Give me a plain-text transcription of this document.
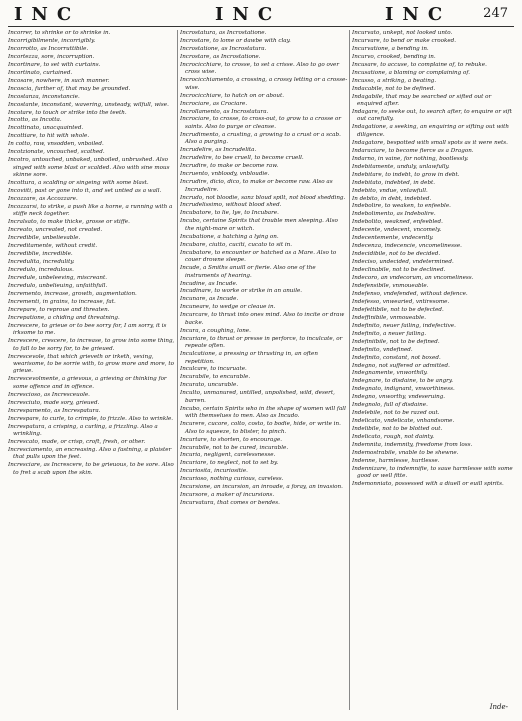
INC	INC	INC 247
Incorrer, to shrinke or to shrinke in.
Incorrigibilmente, incorrigibly.
Incorrotto, as Incorruttibile.
Incortezza, sore, incorruption.
Incortinare, to set with curtains.
Incortinato, curtained.
Incosare, nowhere, in such manner.
Incoscia, further of, that may be grounded.
Incostanza, inconstancie.
Incostante, inconstant, wavering, unsteady, wilfull, wise.
Incotare, to touch or strike into the teeth.
Incotto, as Incotta.
Incottinato, unacquainted.
Incottiare, to hit with whole.
In cotto, raw, vnsodden, vnboiled.
Incotzionate, vncouched, scathed.
Incotro, untouched, unbaked, unboiled, unbrushed. Also singed with some blast or scalded. Also with sine mous skinne sore.
Incottura, a scalding or singeing with some blast.
Incoviiti, past or gone into it, and set untied as a wall.
Incozzare, as Accozzare.
Incozzarsi, to strike, a push like a horne, a running with a stiffe neck together.
Incralsato, to make thicke, grosse or stiffe.
Increato, uncreated, not created.
Incredibile, unbelievable.
Increditamente, without credit.
Incrediblie, incredible.
Incredulita, incredulity.
Incredulo, incredulous.
Incredule, unbeleeving, miscreant.
Incredulo, unbelieuing, unfaithfull.
Incremento, increase, growth, augmentation.
Incrementi, in grains, to increase, fat.
Increpare, to reproue and threaten.
Increpatione, a chiding and threatning.
Increscere, to grieue or to bee sorry for, I am sorry, it is irksome to me.
Increscere, crescere, to increase, to grow into some thing, to fall to be sorry for, to be grieued.
Increscevole, that which grieveth or irketh, vexing, wearisome, to be sorrie with, to grow more and more, to grieue.
Increscevolmente, a grievous, a grieving or thinking for some offence and in offence.
Increscioso, as Incresceuole.
Incresciuto, made sory, grieued.
Increspamento, as Increspatura.
Increspare, to curle, to crimple, to frizzle. Also to wrinkle.
Increspatura, a crisping, a curling, a frizzling. Also a wrinkling.
Increscato, made, or crisp, croft, fresh, or other.
Incresciamento, an encreasing. Also a fastning, a plaister that pulls upon the feet.
Incresciare, as Increscere, to be grieuous, to be sore. Also to fret a scab upon the skin.
Incrostatura, as Incrostatione.
Incrostare, to lome or dawbe with clay.
Incrostatione, as Incrostatura.
Incrostare, as Incrostatione.
Incrocicchiare, to crosse, to set a crisse. Also to go over cross wise.
Incrocicchiamento, a crossing, a crossy letting or a crosse-wise.
Incrocicchiare, to hatch on or about.
Incrociare, as Crociare.
Incrollamento, as Incrostatura.
Incrociare, to crosse, to cross-out, to grow to a crosse or saints. Also to purge or cleanse.
Incrudimento, a crusting, a growing to a crust or a scab. Also a purging.
Incrudelire, as Incrudelita.
Incrudelire, to bee cruell, to become cruell.
Incrudire, to make or become raw.
Incruento, vnbloody, vnbloudie.
Incrudire, dicio, dico, to make or become raw. Also as Incrudelire.
Incrudo, not bloodie, sanz bloud spilt, not blood shedding.
Incrudelissimo, without blood shed.
Incubatore, to lie, lye, to Incubare.
Incubo, certaine Spirits that trouble men sleeping. Also the night-mare or witch.
Incubatione, a hatching a lying on.
Incubare, ciutto, cuciti, cucato to sit in.
Incubatore, to encounter or hatched as a Mare. Also to couer drowne sleepe.
Incude, a Smiths anuill or fierie. Also one of the instruments of hearing.
Incudine, as Incude.
Incudinare, to worke or strike in an anuile.
Incunare, as Incude.
Incuneare, to wedge or cleaue in.
Incurcare, to thrust into ones mind. Also to incite or draw backe.
Incura, a coughing, lone.
Incuriare, to thrust or presse in perforce, to inculcate, or repeate often.
Inculcatione, a pressing or thrusting in, an often repetition.
Inculcare, to incuruate.
Incurabile, to encurable.
Incurato, uncurable.
Inculto, unmanured, untilled, unpolished, wild, desert, barren.
Incubo, certain Spirits who in the shape of women will fall with themselues to men. Also as Incudo.
Incurere, cucore, colto, costo, to bodie, hide, or write in. Also to squeeze, to blister, to pinch.
Incurtare, to shorten, to encourage.
Incurabile, not to be cured, incurable.
Incuria, negligent, carelessnesse.
Incuriare, to neglect, not to set by.
Incuriosita, incuriositie.
Incurioso, nothing curious, careless.
Incursione, an incursion, an inroade, a foray, an invasion.
Incursore, a maker of incursions.
Incurvatura, that comes or bendes.
Incurvato, unkept, not looked unto.
Incurvare, to bend or make crooked.
Incurvatione, a bending in.
Incurvo, crooked, bending in.
Incusare, to accuse, to complaine of, to rebuke.
Incusatione, a blaming or complaining of.
Incusso, a striking, a beating.
Indacabile, not to be defined.
Indagabile, that may be searched or sifted out or enquired after.
Indagare, to seeke out, to search after, to enquire or sift out carefully.
Indagatione, a seeking, an enquiring or sifting out with diligence.
Indagatore, bespotted with small spots as it were nets.
Indaraciare, to become fierce as a Dragon.
Indarno, in vaine, for nothing, bootlessly.
Indebitamente, unduly, unlawfully.
Indebitare, to indebt, to grow in debt.
Indebitato, indebted, in debt.
Indebito, vndue, vnlawfull.
In debito, in debt, indebted.
Indebolire, to weaken, to enfeeble.
Indebolimento, as Indebolire.
Indebolito, weakned, enfeebled.
Indecente, vndecent, vncomely.
Indecentemente, vndecently.
Indecenza, indecencie, vncomelinesse.
Indecidibile, not to be decided.
Indeciso, undecided, vndetermined.
Indeclinabile, not to be declined.
Indecoro, an vndecorum, an vncomeliness.
Indefensibile, vnmoueable.
Indefenso, vndefended, without defence.
Indefesso, vnwearied, vntiresome.
Indefettibile, not to be defected.
Indeffinibile, vnmoueable.
Indefinito, neuer failing, indefective.
Indefinito, a neuer failing.
Indefiniibile, not to be defined.
Indefinito, vndefined.
Indefinito, constant, not boxed.
Indegno, not suffered or admitted.
Indegnamente, vnworthily.
Indegnare, to disdaine, to be angry.
Indegnato, indignant, vnworthiness.
Indegno, vnworthy, vndeseruing.
Indegnolo, full of disdaine.
Indelebile, not to be razed out.
Indelicato, vndelicate, vnhandsome.
Indelibile, not to be blotted out.
Indelicato, rough, not dainty.
Indemnita, indemnity, freedome from loss.
Indemostrabile, vnable to be shewne.
Indenne, harmlesse, hurtlesse.
Indennizare, to indemnifie, to saue harmlesse with some good or well fitte.
Indemonniato, possessed with a diuell or euill spirits.
Inde-
